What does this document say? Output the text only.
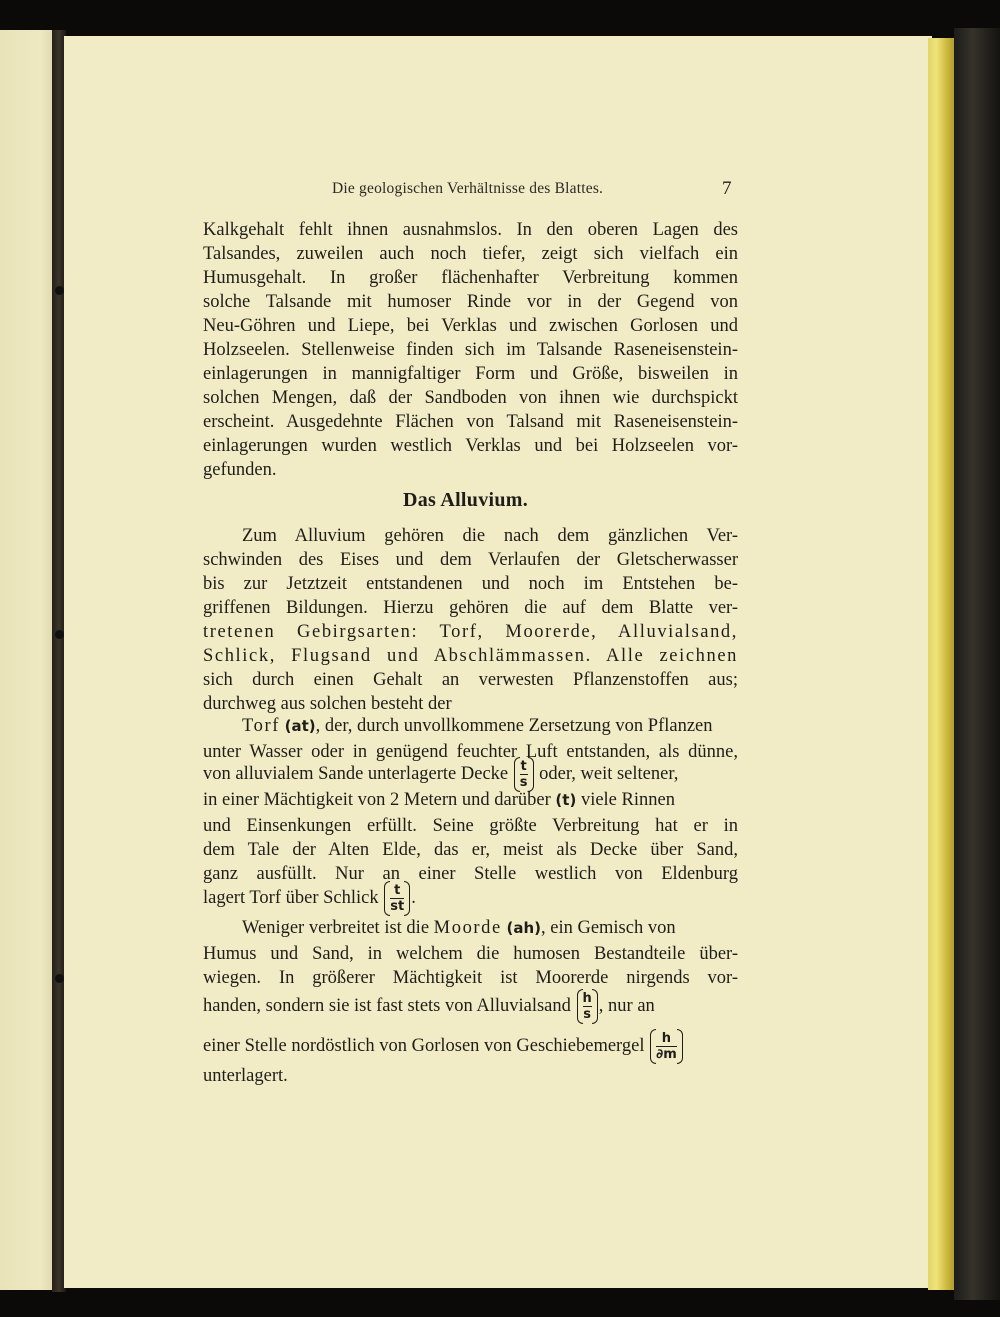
Die geologischen Verhältnisse des Blattes.	7
Kalkgehalt fehlt ihnen ausnahmslos. In den oberen Lagen des
Talsandes, zuweilen auch noch tiefer, zeigt sich vielfach ein
Humusgehalt. In großer flächenhafter Verbreitung kommen
solche Talsande mit humoser Rinde vor in der Gegend von
Neu-Göhren und Liepe, bei Verklas und zwischen Gorlosen und
Holzseelen. Stellenweise finden sich im Talsande Raseneisenstein-
einlagerungen in mannigfaltiger Form und Größe, bisweilen in
solchen Mengen, daß der Sandboden von ihnen wie durchspickt
erscheint. Ausgedehnte Flächen von Talsand mit Raseneisenstein-
einlagerungen wurden westlich Verklas und bei Holzseelen vor-
gefunden.
Das Alluvium.
Zum Alluvium gehören die nach dem gänzlichen Ver-
schwinden des Eises und dem Verlaufen der Gletscherwasser
bis zur Jetztzeit entstandenen und noch im Entstehen be-
griffenen Bildungen. Hierzu gehören die auf dem Blatte ver-
tretenen Gebirgsarten: Torf, Moorerde, Alluvialsand,
Schlick, Flugsand und Abschlämmassen. Alle zeichnen
sich durch einen Gehalt an verwesten Pflanzenstoffen aus;
durchweg aus solchen besteht der
Torf (at), der, durch unvollkommene Zersetzung von Pflanzen
unter Wasser oder in genügend feuchter Luft entstanden, als dünne,
von alluvialem Sande unterlagerte Decke $\frac{t}{s}$ oder, weit seltener,
in einer Mächtigkeit von 2 Metern und darüber (t) viele Rinnen
und Einsenkungen erfüllt. Seine größte Verbreitung hat er in
dem Tale der Alten Elde, das er, meist als Decke über Sand,
ganz ausfüllt. Nur an einer Stelle westlich von Eldenburg
lagert Torf über Schlick $\frac{t}{st}$ .
Weniger verbreitet ist die Moorde (ah), ein Gemisch von
Humus und Sand, in welchem die humosen Bestandteile über-
wiegen. In größerer Mächtigkeit ist Moorerde nirgends vor-
handen, sondern sie ist fast stets von Alluvialsand $\frac{h}{s}$ , nur an
einer Stelle nordöstlich von Gorlosen von Geschiebemergel $\frac{h}{\partial m}$
unterlagert.
